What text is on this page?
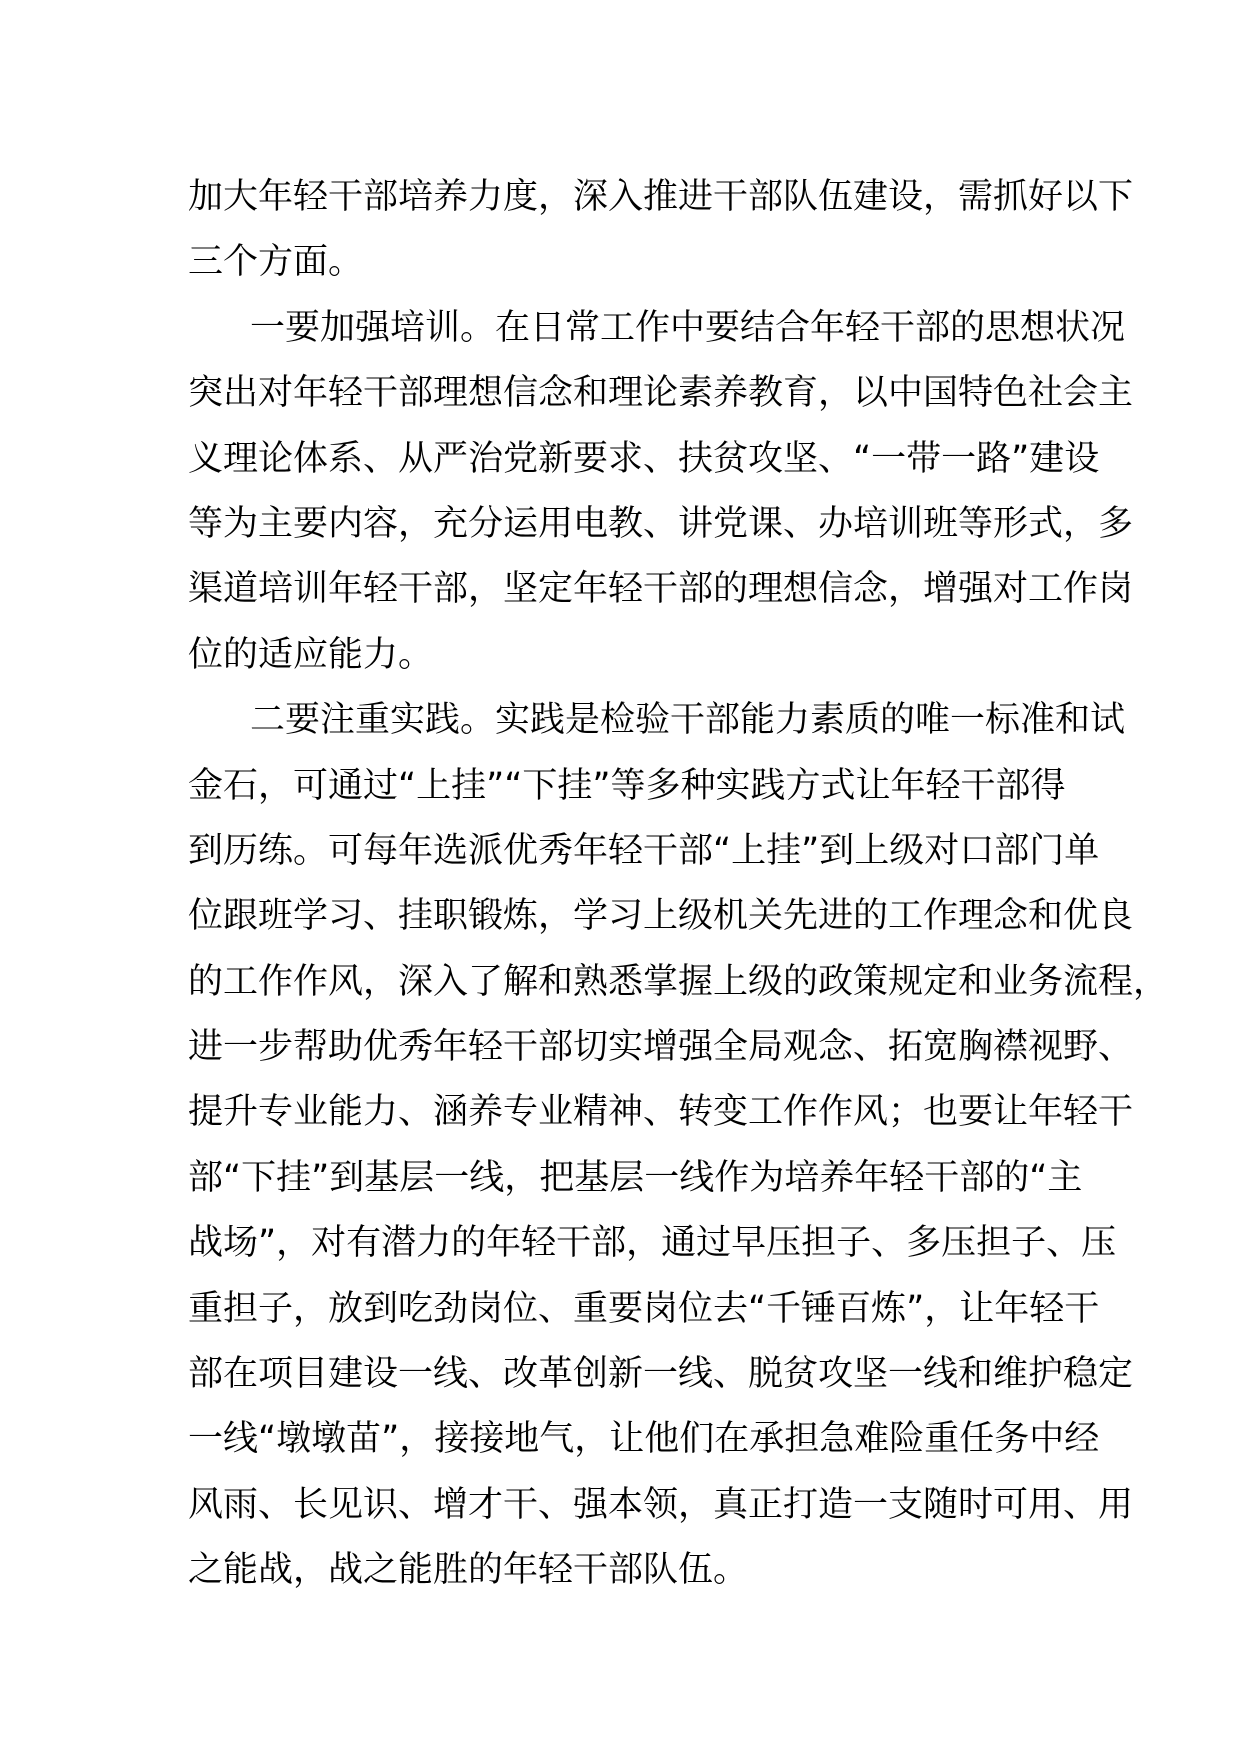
加大年轻干部培养力度，深入推进干部队伍建设，需抓好以下
三个方面。
一要加强培训。在日常工作中要结合年轻干部的思想状况
突出对年轻干部理想信念和理论素养教育，以中国特色社会主
义理论体系、从严治党新要求、扶贫攻坚、“一带一路”建设
等为主要内容，充分运用电教、讲党课、办培训班等形式，多
渠道培训年轻干部，坚定年轻干部的理想信念，增强对工作岗
位的适应能力。
二要注重实践。实践是检验干部能力素质的唯一标准和试
金石，可通过“上挂”“下挂”等多种实践方式让年轻干部得
到历练。可每年选派优秀年轻干部“上挂”到上级对口部门单
位跟班学习、挂职锻炼，学习上级机关先进的工作理念和优良
的工作作风，深入了解和熟悉掌握上级的政策规定和业务流程，
进一步帮助优秀年轻干部切实增强全局观念、拓宽胸襟视野、
提升专业能力、涵养专业精神、转变工作作风；也要让年轻干
部“下挂”到基层一线，把基层一线作为培养年轻干部的“主
战场”，对有潜力的年轻干部，通过早压担子、多压担子、压
重担子，放到吃劲岗位、重要岗位去“千锤百炼”，让年轻干
部在项目建设一线、改革创新一线、脱贫攻坚一线和维护稳定
一线“墩墩苗”，接接地气，让他们在承担急难险重任务中经
风雨、长见识、增才干、强本领，真正打造一支随时可用、用
之能战，战之能胜的年轻干部队伍。
